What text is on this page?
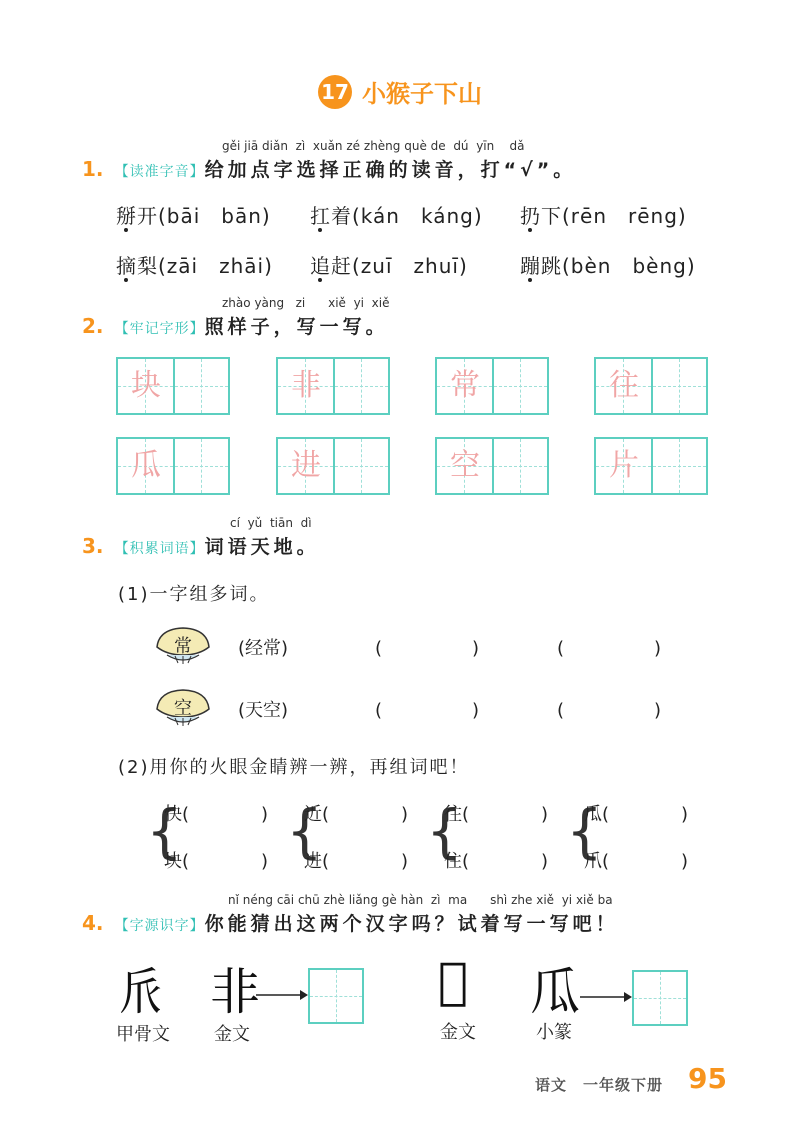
17 小猴子下山
gěi jiā diǎn zì xuǎn zé zhèng què de dú yīn dǎ
1. 【读准字音】给加点字选择正确的读音，打“√”。
掰开(bāi　bān) 扛着(kán　káng) 扔下(rēn　rēng)
摘梨(zāi　zhāi) 追赶(zuī　zhuī)	蹦跳(bèn　bèng)
zhào yàng zi xiě yi xiě
2. 【牢记字形】照样子，写一写。
块	非	常	往
瓜	进	空	片
cí yǔ tiān dì
3. 【积累词语】词语天地。
(1)一字组多词。
常	(经常)	(　　　　　)	(　　　　　)
空	(天空)	(　　　　　)	(　　　　　)
(2)用你的火眼金睛辨一辨，再组词吧！
{
快(　　　　)
块(　　　　) {
近(　　　　)
进(　　　　) {
往(　　　　)
住(　　　　) {
瓜(　　　　)
爪(　　　　)
nǐ néng cāi chū zhè liǎng gè hàn zì ma shì zhe xiě yi xiě ba
4. 【字源识字】你能猜出这两个汉字吗？试着写一写吧！
𠂢 非
甲骨文 金文
𤓰 瓜
金文	小篆
语文　一年级下册 95
